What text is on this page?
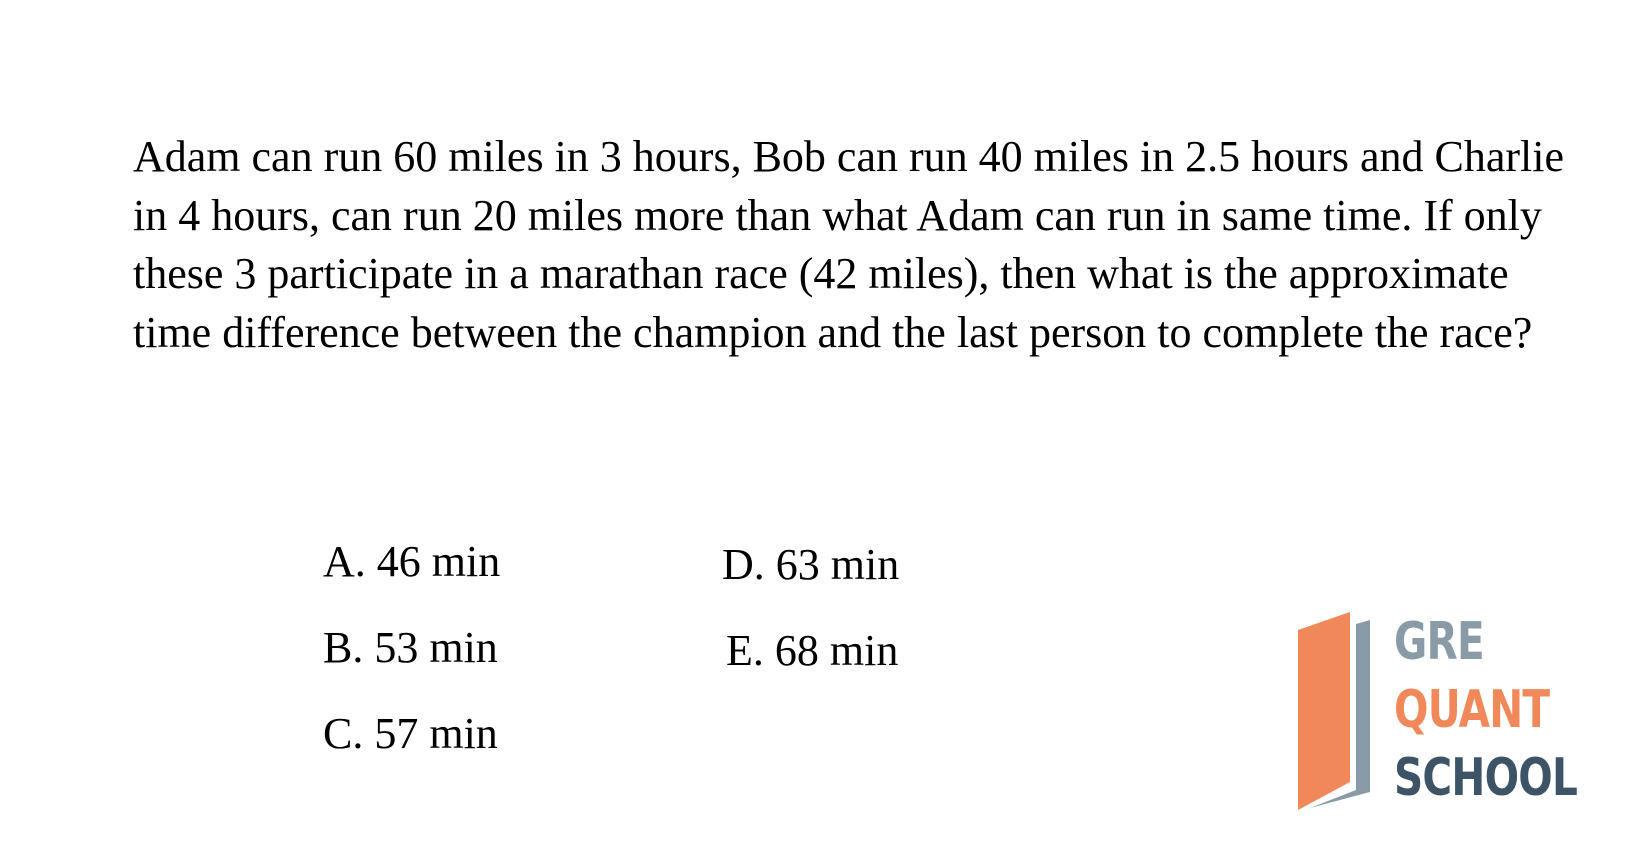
Adam can run 60 miles in 3 hours, Bob can run 40 miles in 2.5 hours and Charlie in 4 hours, can run 20 miles more than what Adam can run in same time. If only these 3 participate in a marathan race (42 miles), then what is the approximate time difference between the champion and the last person to complete the race?

A. 46 min
B. 53 min
C. 57 min
D. 63 min
E. 68 min	GRE
QUANT
SCHOOL
